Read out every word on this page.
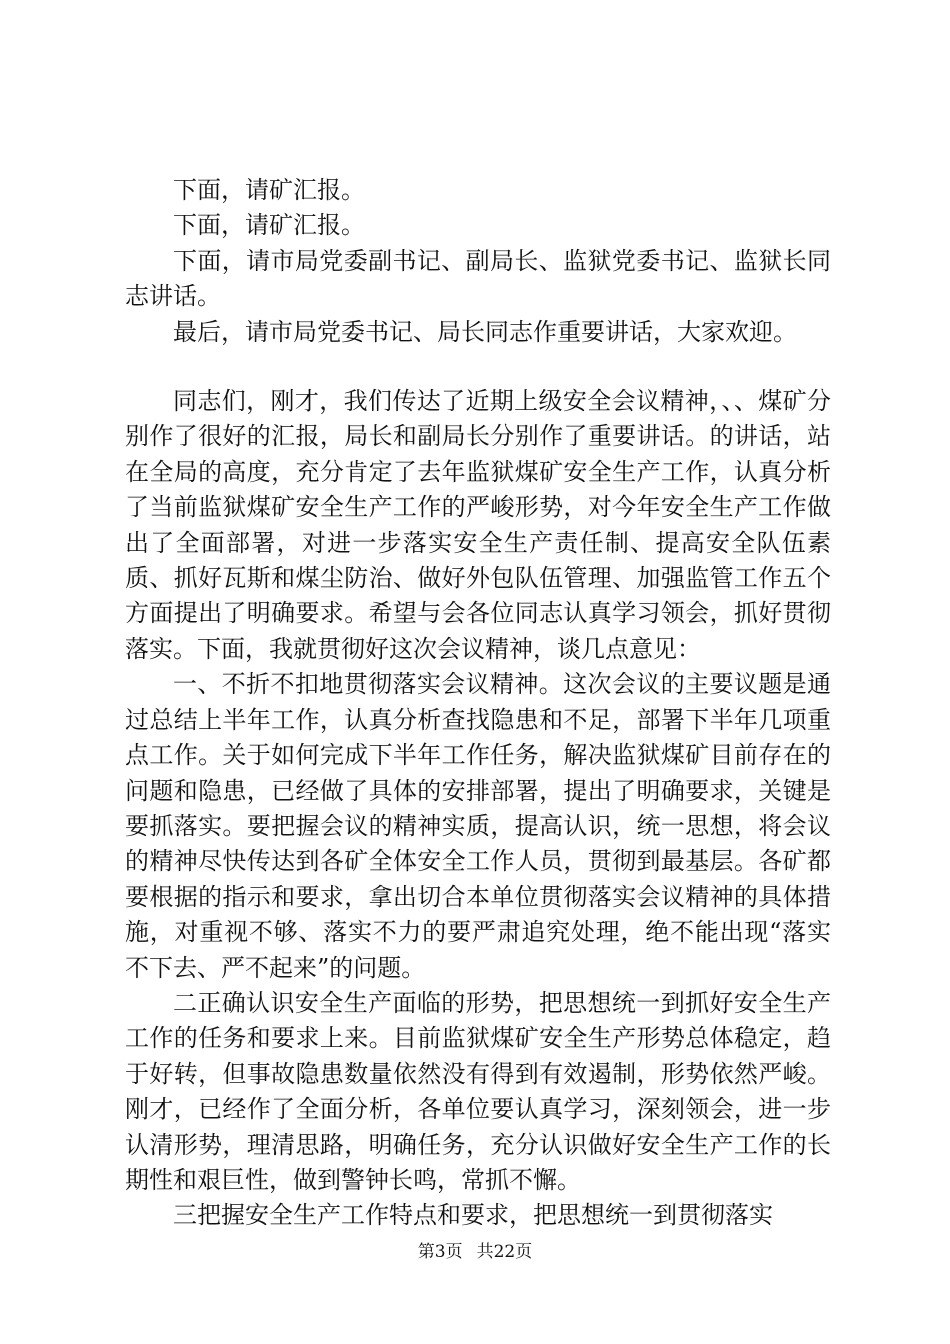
下面，请矿汇报。

下面，请矿汇报。

下面，请市局党委副书记、副局长、监狱党委书记、监狱长同志讲话。

最后，请市局党委书记、局长同志作重要讲话，大家欢迎。

同志们，刚才，我们传达了近期上级安全会议精神，、、煤矿分别作了很好的汇报，局长和副局长分别作了重要讲话。的讲话，站在全局的高度，充分肯定了去年监狱煤矿安全生产工作，认真分析了当前监狱煤矿安全生产工作的严峻形势，对今年安全生产工作做出了全面部署，对进一步落实安全生产责任制、提高安全队伍素质、抓好瓦斯和煤尘防治、做好外包队伍管理、加强监管工作五个方面提出了明确要求。希望与会各位同志认真学习领会，抓好贯彻落实。下面，我就贯彻好这次会议精神，谈几点意见：

一、不折不扣地贯彻落实会议精神。这次会议的主要议题是通过总结上半年工作，认真分析查找隐患和不足，部署下半年几项重点工作。关于如何完成下半年工作任务，解决监狱煤矿目前存在的问题和隐患，已经做了具体的安排部署，提出了明确要求，关键是要抓落实。要把握会议的精神实质，提高认识，统一思想，将会议的精神尽快传达到各矿全体安全工作人员，贯彻到最基层。各矿都要根据的指示和要求，拿出切合本单位贯彻落实会议精神的具体措施，对重视不够、落实不力的要严肃追究处理，绝不能出现“落实不下去、严不起来”的问题。

二正确认识安全生产面临的形势，把思想统一到抓好安全生产工作的任务和要求上来。目前监狱煤矿安全生产形势总体稳定，趋于好转，但事故隐患数量依然没有得到有效遏制，形势依然严峻。刚才，已经作了全面分析，各单位要认真学习，深刻领会，进一步认清形势，理清思路，明确任务，充分认识做好安全生产工作的长期性和艰巨性，做到警钟长鸣，常抓不懈。

三把握安全生产工作特点和要求，把思想统一到贯彻落实

第3页 共22页
